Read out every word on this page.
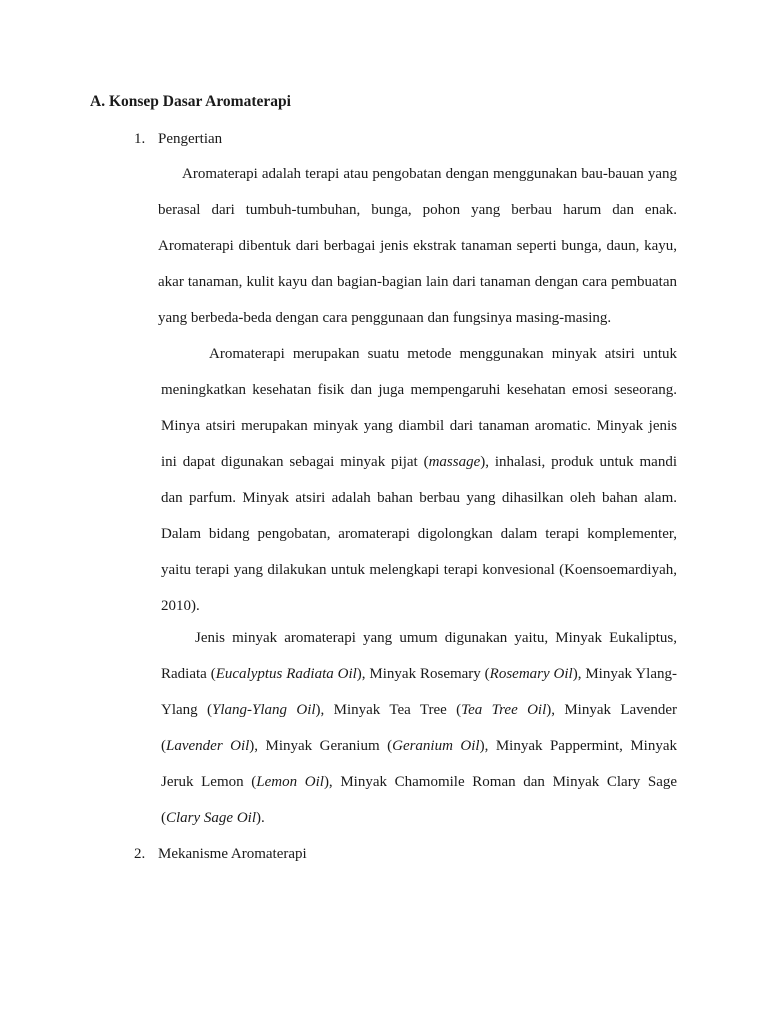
A. Konsep Dasar Aromaterapi
1. Pengertian

Aromaterapi adalah terapi atau pengobatan dengan menggunakan bau-bauan yang berasal dari tumbuh-tumbuhan, bunga, pohon yang berbau harum dan enak. Aromaterapi dibentuk dari berbagai jenis ekstrak tanaman seperti bunga, daun, kayu, akar tanaman, kulit kayu dan bagian-bagian lain dari tanaman dengan cara pembuatan yang berbeda-beda dengan cara penggunaan dan fungsinya masing-masing.

Aromaterapi merupakan suatu metode menggunakan minyak atsiri untuk meningkatkan kesehatan fisik dan juga mempengaruhi kesehatan emosi seseorang. Minya atsiri merupakan minyak yang diambil dari tanaman aromatic. Minyak jenis ini dapat digunakan sebagai minyak pijat (massage), inhalasi, produk untuk mandi dan parfum. Minyak atsiri adalah bahan berbau yang dihasilkan oleh bahan alam. Dalam bidang pengobatan, aromaterapi digolongkan dalam terapi komplementer, yaitu terapi yang dilakukan untuk melengkapi terapi konvesional (Koensoemardiyah, 2010).

Jenis minyak aromaterapi yang umum digunakan yaitu, Minyak Eukaliptus, Radiata (Eucalyptus Radiata Oil), Minyak Rosemary (Rosemary Oil), Minyak Ylang-Ylang (Ylang-Ylang Oil), Minyak Tea Tree (Tea Tree Oil), Minyak Lavender (Lavender Oil), Minyak Geranium (Geranium Oil), Minyak Pappermint, Minyak Jeruk Lemon (Lemon Oil), Minyak Chamomile Roman dan Minyak Clary Sage (Clary Sage Oil).

2. Mekanisme Aromaterapi
